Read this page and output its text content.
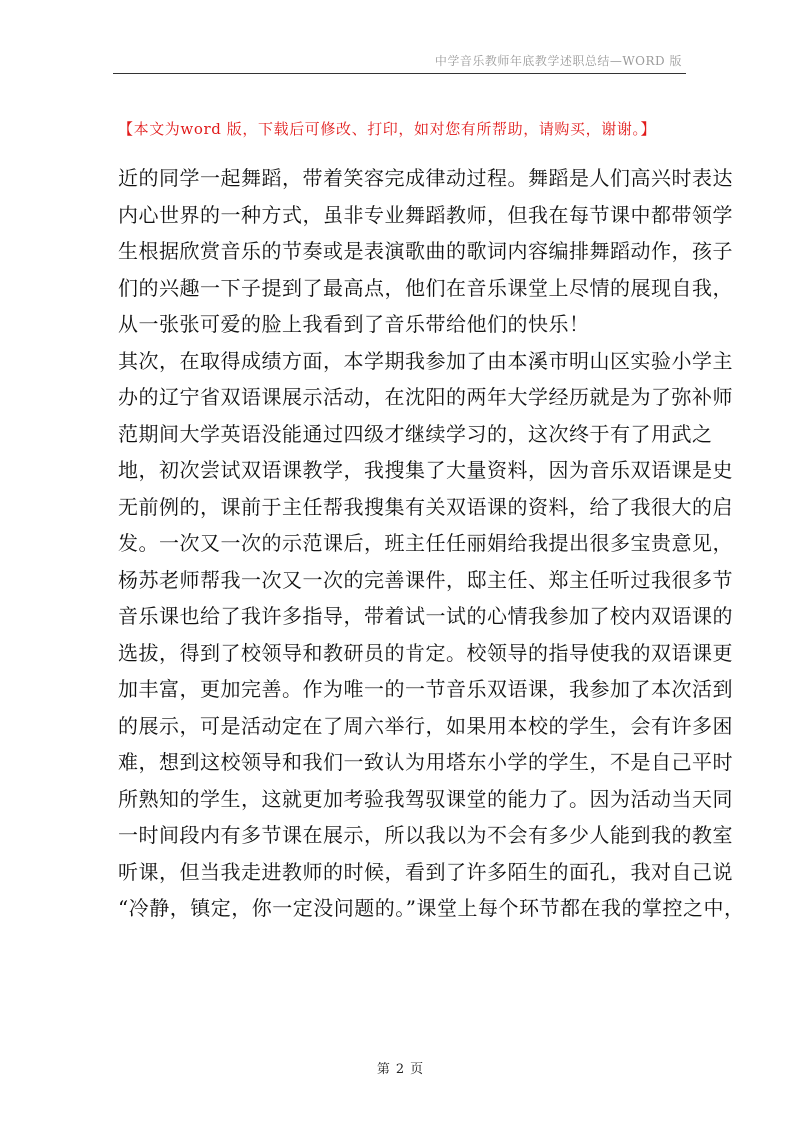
中学音乐教师年底教学述职总结—WORD 版
【本文为word 版，下载后可修改、打印，如对您有所帮助，请购买，谢谢。】
近的同学一起舞蹈，带着笑容完成律动过程。舞蹈是人们高兴时表达
内心世界的一种方式，虽非专业舞蹈教师，但我在每节课中都带领学
生根据欣赏音乐的节奏或是表演歌曲的歌词内容编排舞蹈动作，孩子
们的兴趣一下子提到了最高点，他们在音乐课堂上尽情的展现自我，
从一张张可爱的脸上我看到了音乐带给他们的快乐！
其次，在取得成绩方面，本学期我参加了由本溪市明山区实验小学主
办的辽宁省双语课展示活动，在沈阳的两年大学经历就是为了弥补师
范期间大学英语没能通过四级才继续学习的，这次终于有了用武之
地，初次尝试双语课教学，我搜集了大量资料，因为音乐双语课是史
无前例的，课前于主任帮我搜集有关双语课的资料，给了我很大的启
发。一次又一次的示范课后，班主任任丽娟给我提出很多宝贵意见，
杨苏老师帮我一次又一次的完善课件，邸主任、郑主任听过我很多节
音乐课也给了我许多指导，带着试一试的心情我参加了校内双语课的
选拔，得到了校领导和教研员的肯定。校领导的指导使我的双语课更
加丰富，更加完善。作为唯一的一节音乐双语课，我参加了本次活到
的展示，可是活动定在了周六举行，如果用本校的学生，会有许多困
难，想到这校领导和我们一致认为用塔东小学的学生，不是自己平时
所熟知的学生，这就更加考验我驾驭课堂的能力了。因为活动当天同
一时间段内有多节课在展示，所以我以为不会有多少人能到我的教室
听课，但当我走进教师的时候，看到了许多陌生的面孔，我对自己说
“冷静，镇定，你一定没问题的。”课堂上每个环节都在我的掌控之中，
第 2 页
